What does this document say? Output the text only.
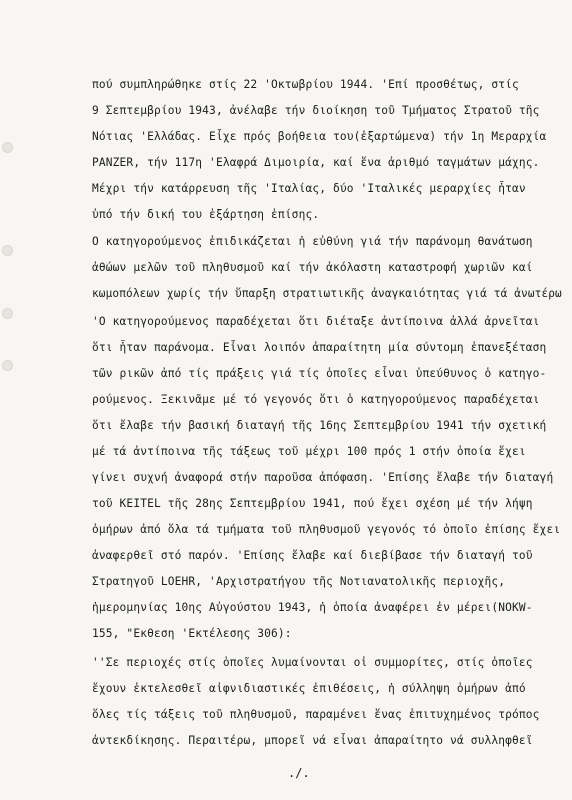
πού συμπληρώθηκε στίς 22 'Οκτωβρίου 1944. 'Επί προσθέτως, στίς
9 Σεπτεμβρίου 1943, ἀνέλαβε τήν διοίκηση τοῦ Τμήματος Στρατοῦ τῆς
Νότιας 'Ελλάδας. Εἶχε πρός βοήθεια του(ἐξαρτώμενα) τήν 1η Μεραρχία
PANZER, τήν 117η 'Ελαφρά Διμοιρία, καί ἕνα ἀριθμό ταγμάτων μάχης.
Μέχρι τήν κατάρρευση τῆς 'Ιταλίας, δύο 'Ιταλικές μεραρχίες ἦταν
ὑπό τήν δική του ἐξάρτηση ἐπίσης.
Ο κατηγορούμενος ἐπιδικάζεται ἡ εὐθύνη γιά τήν παράνομη θανάτωση
ἀθώων μελῶν τοῦ πληθυσμοῦ καί τήν ἀκόλαστη καταστροφή χωριῶν καί
κωμοπόλεων χωρίς τήν ὕπαρξη στρατιωτικῆς ἀναγκαιότητας γιά τά ἀνωτέρω
'Ο κατηγορούμενος παραδέχεται ὅτι διέταξε ἀντίποινα ἀλλά ἀρνεῖται
ὅτι ἦταν παράνομα. Εἶναι λοιπόν ἀπαραίτητη μία σύντομη ἐπανεξέταση
τῶν ρικῶν ἀπό τίς πράξεις γιά τίς ὁποῖες εἶναι ὑπεύθυνος ὁ κατηγο-
ρούμενος. Ξεκινᾶμε μέ τό γεγονός ὅτι ὁ κατηγορούμενος παραδέχεται
ὅτι ἔλαβε τήν βασική διαταγή τῆς 16ης Σεπτεμβρίου 1941 τήν σχετική
μέ τά ἀντίποινα τῆς τάξεως τοῦ μέχρι 100 πρός 1 στήν ὁποία ἔχει
γίνει συχνή ἀναφορά στήν παροῦσα ἀπόφαση. 'Επίσης ἔλαβε τήν διαταγή
τοῦ KEITEL τῆς 28ης Σεπτεμβρίου 1941, πού ἔχει σχέση μέ τήν λήψη
ὁμήρων ἀπό ὅλα τά τμήματα τοῦ πληθυσμοῦ γεγονός τό ὁποῖο ἐπίσης ἔχει
ἀναφερθεῖ στό παρόν. 'Επίσης ἔλαβε καί διεβίβασε τήν διαταγή τοῦ
Στρατηγοῦ LOEHR, 'Αρχιστρατήγου τῆς Νοτιανατολικῆς περιοχῆς,
ἡμερομηνίας 10ης Αὐγούστου 1943, ἡ ὁποία ἀναφέρει ἐν μέρει(NOKW-
155, "Εκθεση 'Εκτέλεσης 306):
''Σε περιοχές στίς ὁποῖες λυμαίνονται οἱ συμμορίτες, στίς ὁποῖες
ἔχουν ἐκτελεσθεῖ αἰφνιδιαστικές ἐπιθέσεις, ἡ σύλληψη ὁμήρων ἀπό
ὅλες τίς τάξεις τοῦ πληθυσμοῦ, παραμένει ἕνας ἐπιτυχημένος τρόπος
ἀντεκδίκησης. Περαιτέρω, μπορεῖ νά εἶναι ἀπαραίτητο νά συλληφθεῖ
./.
